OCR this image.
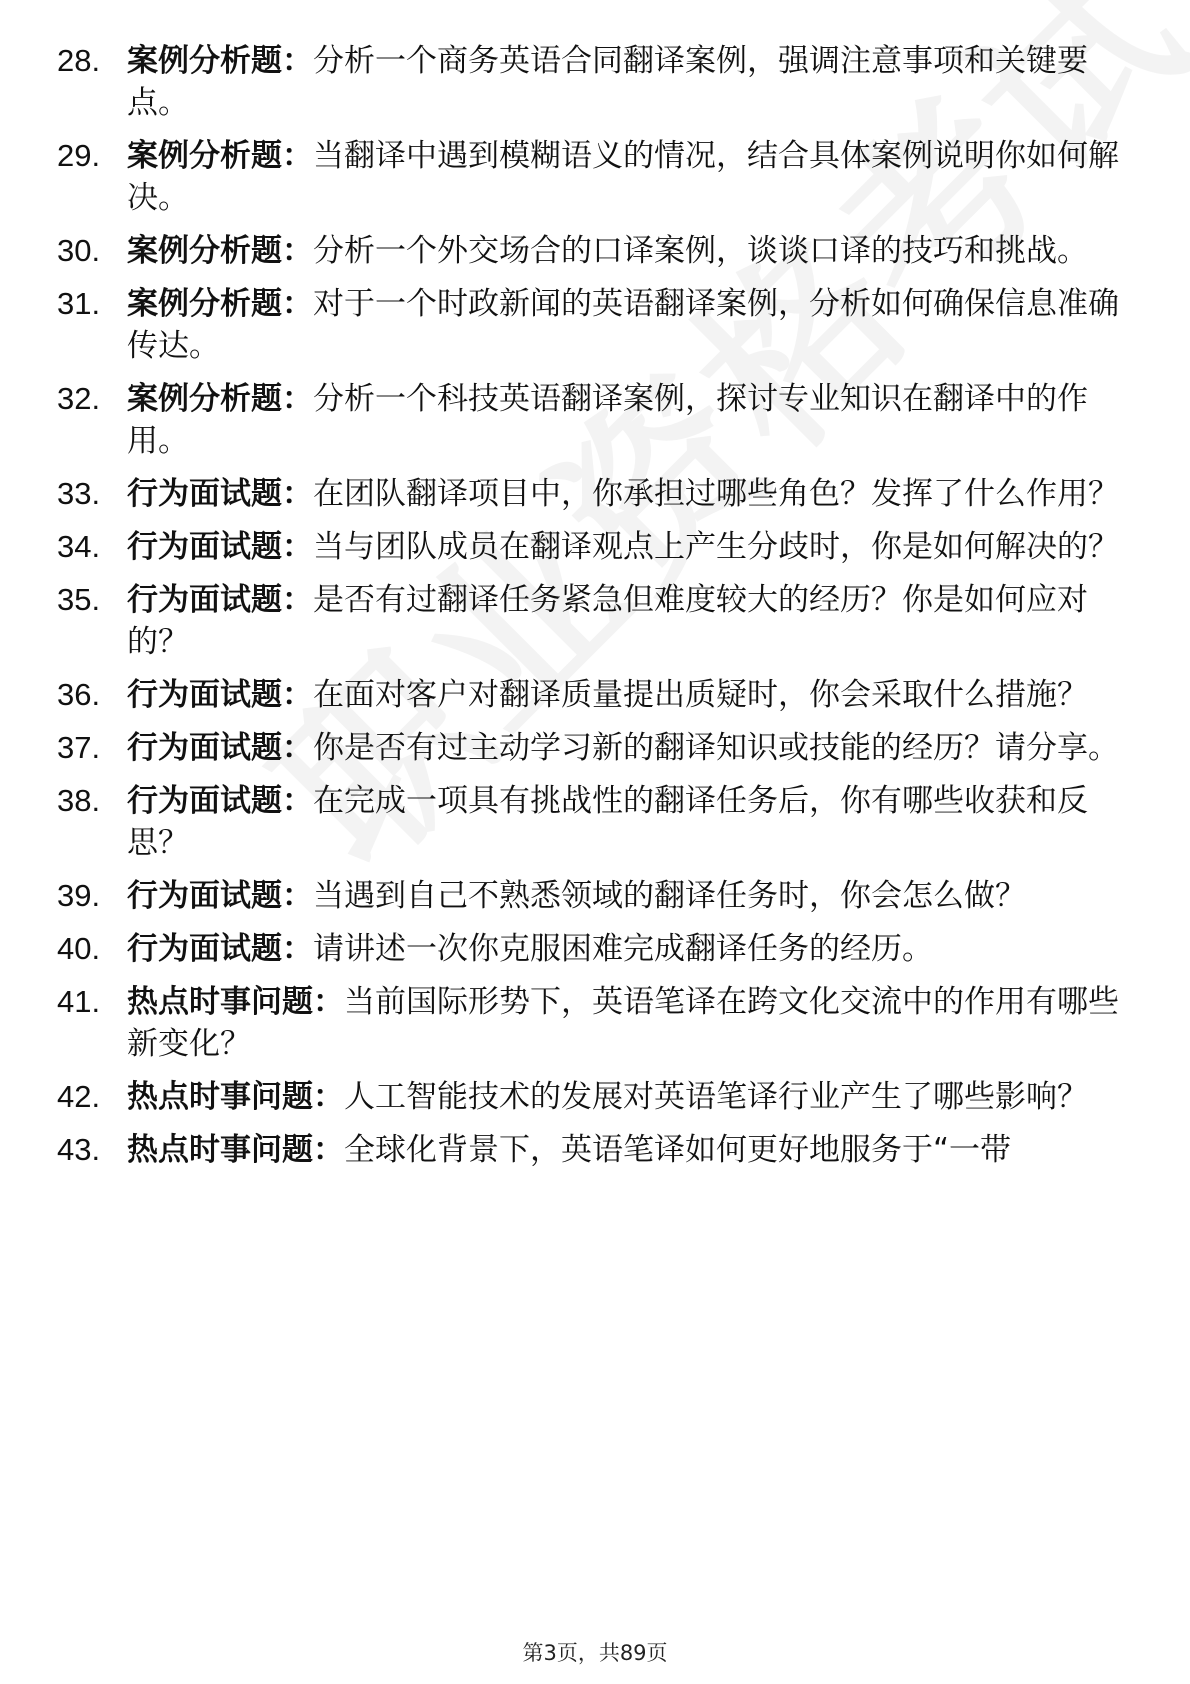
28. 案例分析题：分析一个商务英语合同翻译案例，强调注意事项和关键要点。
29. 案例分析题：当翻译中遇到模糊语义的情况，结合具体案例说明你如何解决。
30. 案例分析题：分析一个外交场合的口译案例，谈谈口译的技巧和挑战。
31. 案例分析题：对于一个时政新闻的英语翻译案例，分析如何确保信息准确传达。
32. 案例分析题：分析一个科技英语翻译案例，探讨专业知识在翻译中的作用。
33. 行为面试题：在团队翻译项目中，你承担过哪些角色？发挥了什么作用？
34. 行为面试题：当与团队成员在翻译观点上产生分歧时，你是如何解决的？
35. 行为面试题：是否有过翻译任务紧急但难度较大的经历？你是如何应对的？
36. 行为面试题：在面对客户对翻译质量提出质疑时，你会采取什么措施？
37. 行为面试题：你是否有过主动学习新的翻译知识或技能的经历？请分享。
38. 行为面试题：在完成一项具有挑战性的翻译任务后，你有哪些收获和反思？
39. 行为面试题：当遇到自己不熟悉领域的翻译任务时，你会怎么做？
40. 行为面试题：请讲述一次你克服困难完成翻译任务的经历。
41. 热点时事问题：当前国际形势下，英语笔译在跨文化交流中的作用有哪些新变化？
42. 热点时事问题：人工智能技术的发展对英语笔译行业产生了哪些影响？
43. 热点时事问题：全球化背景下，英语笔译如何更好地服务于“一带
第3页，共89页
